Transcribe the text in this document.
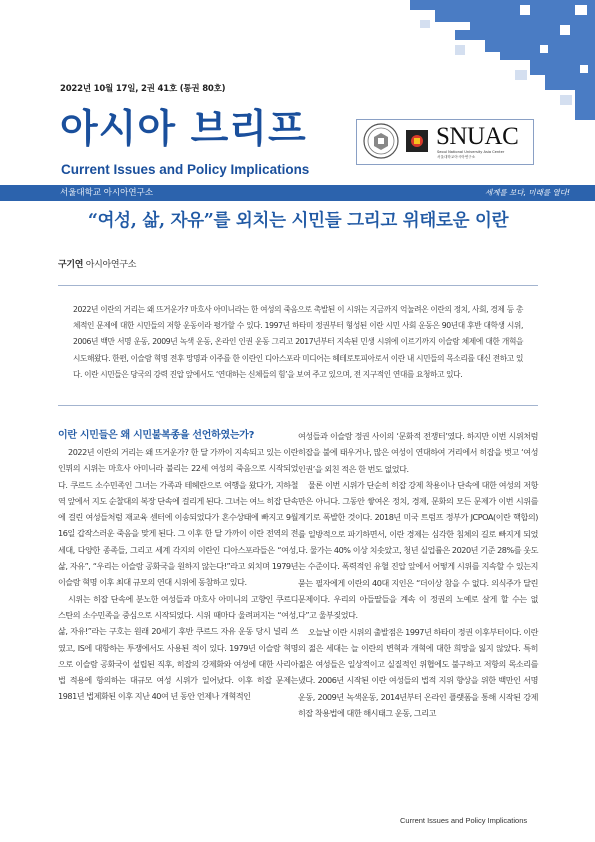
2022년 10월 17일, 2권 41호 (통권 80호)
아시아 브리프
Current Issues and Policy Implications
SNUAC
Seoul National University Asia Center
서울대학교아시아연구소
서울대학교 아시아연구소	세계를 보다, 미래를 열다!
“여성, 삶, 자유”를 외치는 시민들 그리고 위태로운 이란
구기연 아시아연구소
2022년 이란의 거리는 왜 뜨거운가? 마흐사 아미니라는 한 여성의 죽음으로 촉발된 이 시위는 지금까지 억눌려온 이란의 정치, 사회, 경제 등 총체적인 문제에 대한 시민들의 저항 운동이라 평가할 수 있다. 1997년 하타미 정권부터 형성된 이란 시민 사회 운동은 90년대 후반 대학생 시위, 2006년 백만 서명 운동, 2009년 녹색 운동, 온라인 인권 운동 그리고 2017년부터 지속된 민생 시위에 이르기까지 이슬람 체제에 대한 개혁을 시도해왔다. 한편, 이슬람 혁명 전후 망명과 이주를 한 이란인 디아스포라 미디어는 헤테로토피아로서 이란 내 시민들의 목소리를 대신 전하고 있다. 이란 시민들은 당국의 강력 진압 앞에서도 ‘연대하는 신체들의 힘’을 보여 주고 있으며, 전 지구적인 연대를 요청하고 있다.

이란 시민들은 왜 시민불복종을 선언하였는가?

2022년 이란의 거리는 왜 뜨거운가? 한 달 가까이 지속되고 있는 이란 인뮈의 시위는 마흐사 아미니라 불리는 22세 여성의 죽음으로 시작되었다. 쿠르드 소수민족인 그녀는 가족과 테헤란으로 여행을 왔다가, 지하철역 앞에서 지도 순찰대의 복장 단속에 걸리게 된다. 그녀는 여느 히잡 단속에 걸린 여성들처럼 재교육 센터에 이송되었다가 혼수상태에 빠지고 9월 16일 갑작스러운 죽음을 맞게 된다. 그 이후 한 달 가까이 이란 전역의 전 세대, 다양한 종족들, 그리고 세계 각지의 이란인 디아스포라들은 “여성, 삶, 자유”, “우리는 이슬람 공화국을 원하지 않는다!”라고 외치며 1979년 이슬람 혁명 이후 최대 규모의 연대 시위에 동참하고 있다.

시위는 히잡 단속에 분노한 여성들과 마흐사 아미니의 고향인 쿠르디스탄의 소수민족을 중심으로 시작되었다. 시위 때마다 울려퍼지는 “여성, 삶, 자유!”라는 구호는 원래 20세기 후반 쿠르드 자유 운동 당시 널리 쓰였고, IS에 대항하는 투쟁에서도 사용된 적이 있다. 1979년 이슬람 혁명으로 이슬람 공화국이 설립된 직후, 히잡의 강제화와 여성에 대한 사리아법 적용에 항의하는 대규모 여성 시위가 일어났다. 이후 히잡 문제는 1981년 법제화된 이후 지난 40여 년 동안 언제나 개혁적인

여성들과 이슬람 정권 사이의 ‘문화적 전쟁터’였다. 하지만 이번 시위처럼 히잡을 불에 태우거나, 많은 여성이 연대하여 거리에서 히잡을 벗고 ‘여성 인권’을 외친 적은 한 번도 없었다.

물론 이번 시위가 단순히 히잡 강제 착용이나 단속에 대한 여성의 저항만은 아니다. 그동안 쌓여온 정치, 경제, 문화의 모든 문제가 이번 시위를 계기로 폭발한 것이다. 2018년 미국 트럼프 정부가 JCPOA(이란 핵합의)를 일방적으로 파기하면서, 이란 경제는 심각한 침체의 길로 빠지게 되었다. 물가는 40% 이상 치솟았고, 청년 실업률은 2020년 기준 28%를 웃도는 수준이다. 폭력적인 유혈 진압 앞에서 어떻게 시위를 지속할 수 있는지 묻는 필자에게 이란의 40대 지인은 “더이상 참을 수 없다. 의식주가 달린 문제이다. 우리의 아들딸들을 계속 이 정권의 노예로 살게 할 수는 없다”고 울부짖었다.

오늘날 이란 시위의 출발점은 1997년 하타미 정권 이후부터이다. 이란의 젊은 세대는 늘 이란의 변혁과 개혁에 대한 희망을 잃지 않았다. 특히 젊은 여성들은 일상적이고 실질적인 위협에도 불구하고 저항의 목소리를 냈다. 2006년 시작된 이란 여성들의 법적 지위 향상을 위한 백만인 서명 운동, 2009년 녹색운동, 2014년부터 온라인 플랫폼을 통해 시작된 강제 히잡 착용법에 대한 해시태그 운동, 그리고

Current Issues and Policy Implications
